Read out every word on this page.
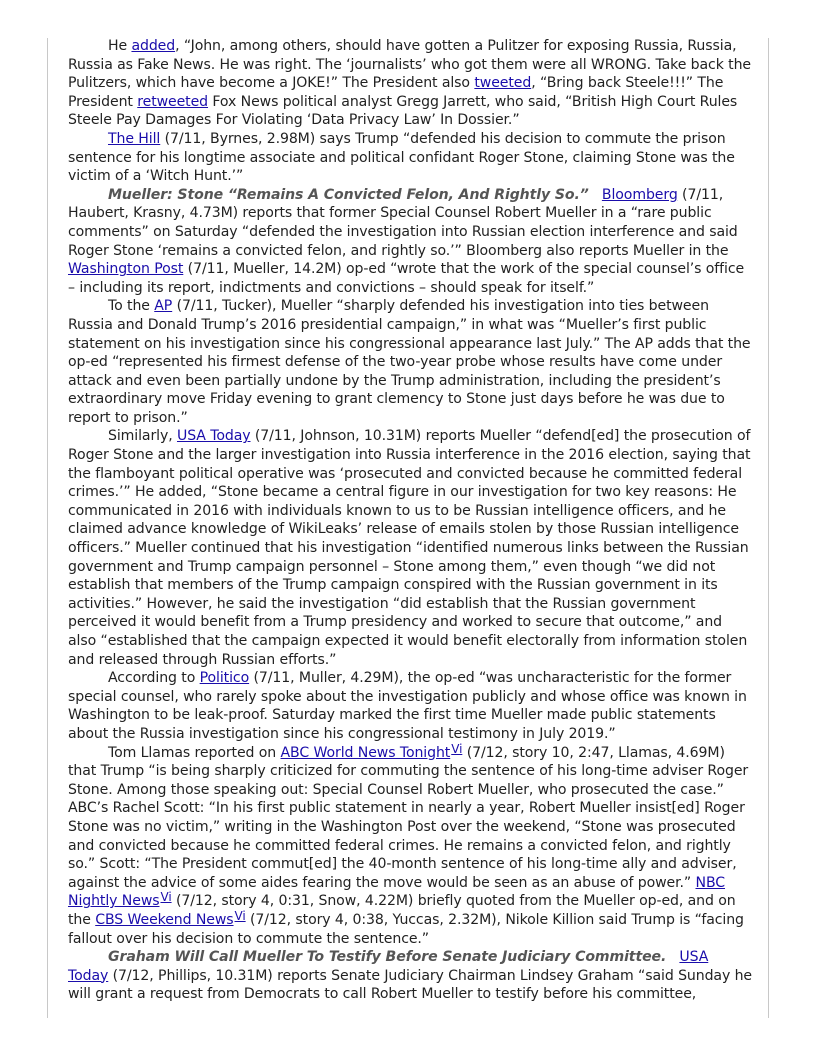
He added, “John, among others, should have gotten a Pulitzer for exposing Russia, Russia, Russia as Fake News. He was right. The ‘journalists’ who got them were all WRONG. Take back the Pulitzers, which have become a JOKE!” The President also tweeted, “Bring back Steele!!!” The President retweeted Fox News political analyst Gregg Jarrett, who said, “British High Court Rules Steele Pay Damages For Violating ‘Data Privacy Law’ In Dossier.”

The Hill (7/11, Byrnes, 2.98M) says Trump “defended his decision to commute the prison sentence for his longtime associate and political confidant Roger Stone, claiming Stone was the victim of a ‘Witch Hunt.’”

Mueller: Stone “Remains A Convicted Felon, And Rightly So.” Bloomberg (7/11, Haubert, Krasny, 4.73M) reports that former Special Counsel Robert Mueller in a “rare public comments” on Saturday “defended the investigation into Russian election interference and said Roger Stone ‘remains a convicted felon, and rightly so.’” Bloomberg also reports Mueller in the Washington Post (7/11, Mueller, 14.2M) op-ed “wrote that the work of the special counsel’s office – including its report, indictments and convictions – should speak for itself.”

To the AP (7/11, Tucker), Mueller “sharply defended his investigation into ties between Russia and Donald Trump’s 2016 presidential campaign,” in what was “Mueller’s first public statement on his investigation since his congressional appearance last July.” The AP adds that the op-ed “represented his firmest defense of the two-year probe whose results have come under attack and even been partially undone by the Trump administration, including the president’s extraordinary move Friday evening to grant clemency to Stone just days before he was due to report to prison.”

Similarly, USA Today (7/11, Johnson, 10.31M) reports Mueller “defend[ed] the prosecution of Roger Stone and the larger investigation into Russia interference in the 2016 election, saying that the flamboyant political operative was ‘prosecuted and convicted because he committed federal crimes.’” He added, “Stone became a central figure in our investigation for two key reasons: He communicated in 2016 with individuals known to us to be Russian intelligence officers, and he claimed advance knowledge of WikiLeaks’ release of emails stolen by those Russian intelligence officers.” Mueller continued that his investigation “identified numerous links between the Russian government and Trump campaign personnel – Stone among them,” even though “we did not establish that members of the Trump campaign conspired with the Russian government in its activities.” However, he said the investigation “did establish that the Russian government perceived it would benefit from a Trump presidency and worked to secure that outcome,” and also “established that the campaign expected it would benefit electorally from information stolen and released through Russian efforts.”

According to Politico (7/11, Muller, 4.29M), the op-ed “was uncharacteristic for the former special counsel, who rarely spoke about the investigation publicly and whose office was known in Washington to be leak-proof. Saturday marked the first time Mueller made public statements about the Russia investigation since his congressional testimony in July 2019.”

Tom Llamas reported on ABC World News TonightVi (7/12, story 10, 2:47, Llamas, 4.69M) that Trump “is being sharply criticized for commuting the sentence of his long-time adviser Roger Stone. Among those speaking out: Special Counsel Robert Mueller, who prosecuted the case.” ABC’s Rachel Scott: “In his first public statement in nearly a year, Robert Mueller insist[ed] Roger Stone was no victim,” writing in the Washington Post over the weekend, “Stone was prosecuted and convicted because he committed federal crimes. He remains a convicted felon, and rightly so.” Scott: “The President commut[ed] the 40-month sentence of his long-time ally and adviser, against the advice of some aides fearing the move would be seen as an abuse of power.” NBC Nightly NewsVi (7/12, story 4, 0:31, Snow, 4.22M) briefly quoted from the Mueller op-ed, and on the CBS Weekend NewsVi (7/12, story 4, 0:38, Yuccas, 2.32M), Nikole Killion said Trump is “facing fallout over his decision to commute the sentence.”

Graham Will Call Mueller To Testify Before Senate Judiciary Committee. USA Today (7/12, Phillips, 10.31M) reports Senate Judiciary Chairman Lindsey Graham “said Sunday he will grant a request from Democrats to call Robert Mueller to testify before his committee,
